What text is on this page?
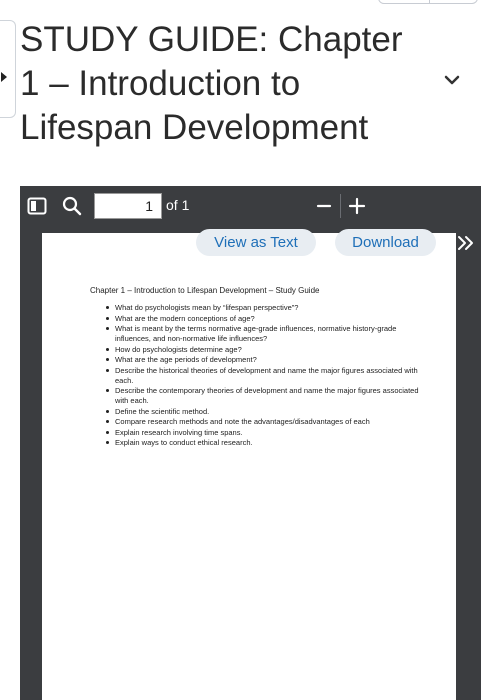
STUDY GUIDE: Chapter 1 – Introduction to Lifespan Development
1 of 1
Chapter 1 – Introduction to Lifespan Development – Study Guide
What do psychologists mean by “lifespan perspective”?
What are the modern conceptions of age?
What is meant by the terms normative age-grade influences, normative history-grade influences, and non-normative life influences?
How do psychologists determine age?
What are the age periods of development?
Describe the historical theories of development and name the major figures associated with each.
Describe the contemporary theories of development and name the major figures associated with each.
Define the scientific method.
Compare research methods and note the advantages/disadvantages of each
Explain research involving time spans.
Explain ways to conduct ethical research.
View as Text	Download
